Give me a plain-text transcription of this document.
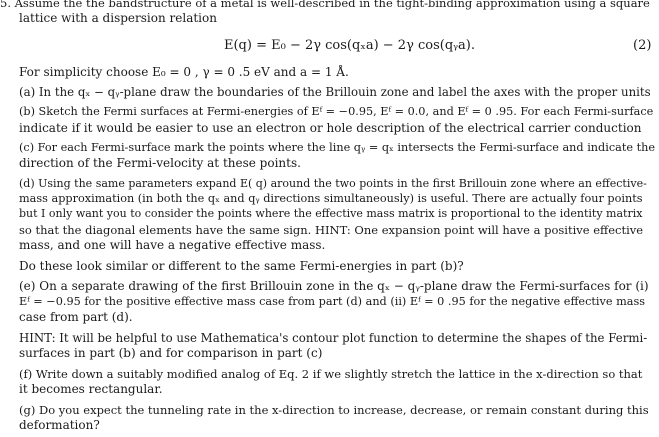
5. Assume the the bandstructure of a metal is well-described in the tight-binding approximation using a square
lattice with a dispersion relation
E(q) = E₀ − 2γ cos(qₓa) − 2γ cos(qᵧa).	(2)
For simplicity choose E₀ = 0 , γ = 0 .5 eV and a = 1 Å.
(a) In the qₓ − qᵧ-plane draw the boundaries of the Brillouin zone and label the axes with the proper units
(b) Sketch the Fermi surfaces at Fermi-energies of Eᶠ = −0.95, Eᶠ = 0.0, and Eᶠ = 0 .95. For each Fermi-surface
indicate if it would be easier to use an electron or hole description of the electrical carrier conduction
(c) For each Fermi-surface mark the points where the line qᵧ = qₓ intersects the Fermi-surface and indicate the
direction of the Fermi-velocity at these points.
(d) Using the same parameters expand E( q) around the two points in the first Brillouin zone where an effective-
mass approximation (in both the qₓ and qᵧ directions simultaneously) is useful. There are actually four points
but I only want you to consider the points where the effective mass matrix is proportional to the identity matrix
so that the diagonal elements have the same sign. HINT: One expansion point will have a positive effective
mass, and one will have a negative effective mass.
Do these look similar or different to the same Fermi-energies in part (b)?
(e) On a separate drawing of the first Brillouin zone in the qₓ − qᵧ-plane draw the Fermi-surfaces for (i)
Eᶠ = −0.95 for the positive effective mass case from part (d) and (ii) Eᶠ = 0 .95 for the negative effective mass
case from part (d).
HINT: It will be helpful to use Mathematica's contour plot function to determine the shapes of the Fermi-
surfaces in part (b) and for comparison in part (c)
(f) Write down a suitably modified analog of Eq. 2 if we slightly stretch the lattice in the x-direction so that
it becomes rectangular.
(g) Do you expect the tunneling rate in the x-direction to increase, decrease, or remain constant during this
deformation?
